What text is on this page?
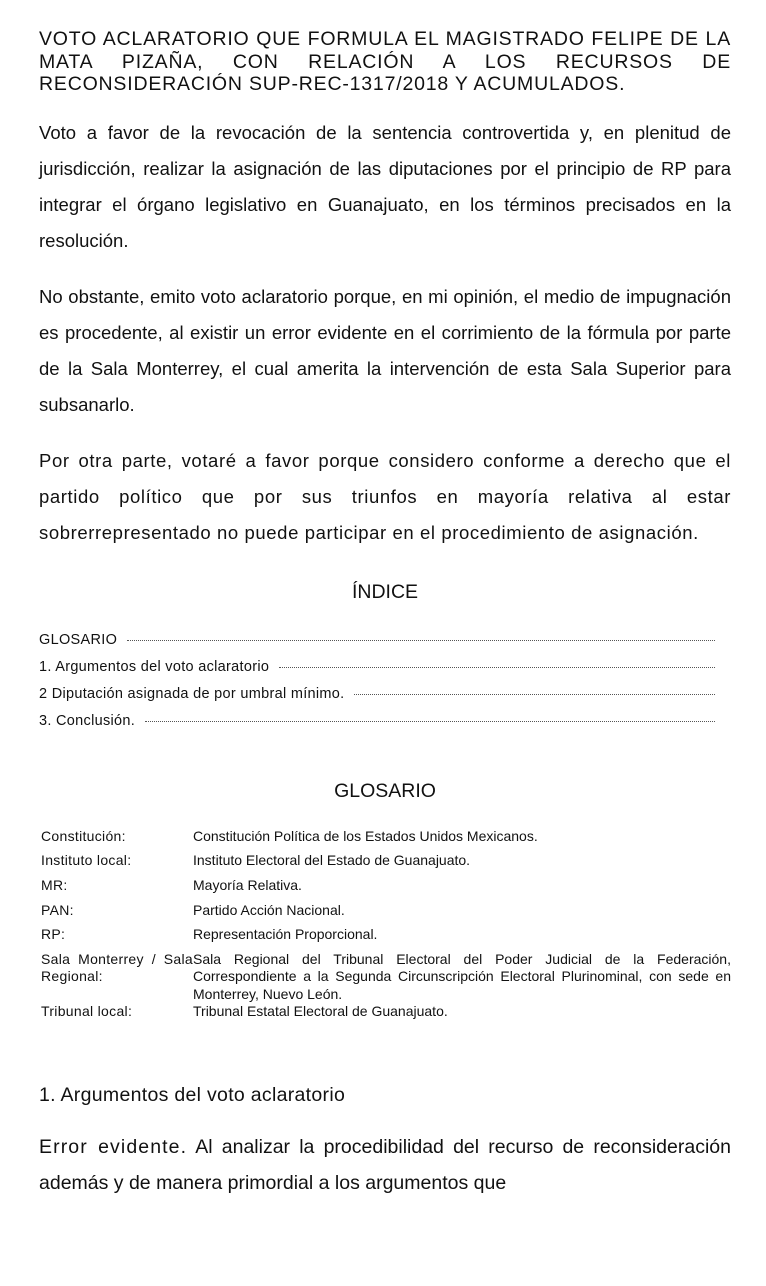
VOTO ACLARATORIO QUE FORMULA EL MAGISTRADO FELIPE DE LA MATA PIZAÑA, CON RELACIÓN A LOS RECURSOS DE RECONSIDERACIÓN SUP-REC-1317/2018 Y ACUMULADOS.

Voto a favor de la revocación de la sentencia controvertida y, en plenitud de jurisdicción, realizar la asignación de las diputaciones por el principio de RP para integrar el órgano legislativo en Guanajuato, en los términos precisados en la resolución.

No obstante, emito voto aclaratorio porque, en mi opinión, el medio de impugnación es procedente, al existir un error evidente en el corrimiento de la fórmula por parte de la Sala Monterrey, el cual amerita la intervención de esta Sala Superior para subsanarlo.

Por otra parte, votaré a favor porque considero conforme a derecho que el partido político que por sus triunfos en mayoría relativa al estar sobrerrepresentado no puede participar en el procedimiento de asignación.

ÍNDICE

GLOSARIO
1. Argumentos del voto aclaratorio
2 Diputación asignada de por umbral mínimo.
3. Conclusión.

GLOSARIO

Constitución:	Constitución Política de los Estados Unidos Mexicanos.
Instituto local:	Instituto Electoral del Estado de Guanajuato.
MR:	Mayoría Relativa.
PAN:	Partido Acción Nacional.
RP:	Representación Proporcional.
Sala Monterrey / Sala Regional:
Sala Regional del Tribunal Electoral del Poder Judicial de la Federación, Correspondiente a la Segunda Circunscripción Electoral Plurinominal, con sede en Monterrey, Nuevo León.
Tribunal local:	Tribunal Estatal Electoral de Guanajuato.

1. Argumentos del voto aclaratorio

Error evidente. Al analizar la procedibilidad del recurso de reconsideración además y de manera primordial a los argumentos que
